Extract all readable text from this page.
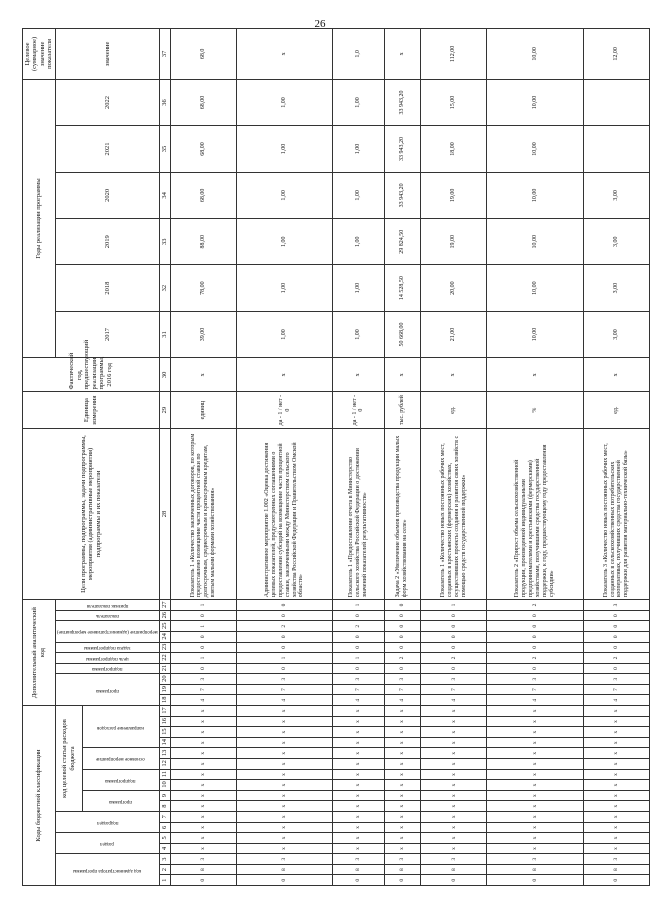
26
Коды бюджетной классификации																	Дополнительный аналитический код										Цели программы, подпрограммы, задачи подпрограммы, мероприятия (административные мероприятия) подпрограммы и их показатели	Единица измерения	Фактический год, предшествующий реализации программы, 2016 год	Годы реализации программы						Целевое (суммарное) значение показателя

код администратора программы			раздел		подраздел		код целевой статьи расходов бюджета										программа			подпрограмма	цель подпрограммы	задача подпрограммы	мероприятие (административное мероприятие)		показатель	признак показателя				2017	2018	2019	2020	2021	2022	значение

							программа		подпрограмма		основное мероприятие		направление расходов																							

1	2	3	4	5	6	7	8	9	10	11	12	13	14	15	16	17	18	19	20	21	22	23	24	25	26	27	28	29	30	31	32	33	34	35	36	37
0	8	3	x	x	x	x	x	x	x	x	x	x	x	x	x	x	4	7	3	0	1	0	0	1	0	1	Показатель 1 «Количество заключенных договоров, по которым предоставлено возмещение части процентной ставки по долгосрочным, среднесрочным и краткосрочным кредитам, взятым малыми формами хозяйствования»	единиц	x	39,00	78,00	88,00	68,00	68,00	68,00	68,0
0	8	3	x	x	x	x	x	x	x	x	x	x	x	x	x	x	4	7	3	0	1	0	0	2	0	0	Административное мероприятие 1.002 «Оценка достижения целевых показателей, предусмотренных соглашениями о предоставлении субсидий на возмещение части процентной ставки, заключенными между Министерством сельского хозяйства Российской Федерации и Правительством Омской области»	да - 1 / нет - 0	x	1,00	1,00	1,00	1,00	1,00	1,00	x
0	8	3	x	x	x	x	x	x	x	x	x	x	x	x	x	x	4	7	3	0	1	0	0	2	0	1	Показатель 1 «Предоставление отчета в Министерство сельского хозяйства Российской Федерации о достижении значений показателей результативности»	да - 1 / нет - 0	x	1,00	1,00	1,00	1,00	1,00	1,00	1,0
0	8	3	x	x	x	x	x	x	x	x	x	x	x	x	x	x	4	7	3	0	2	0	0	0	0	0	Задача 2 «Увеличение объемов производства продукции малых форм хозяйствования на селе»	тыс. рублей	x	50 668,00	14 528,50	29 824,50	33 943,20	33 943,20	33 943,20	x
0	8	3	x	x	x	x	x	x	x	x	x	x	x	x	x	x	4	7	3	0	2	0	0	0	0	1	Показатель 1 «Количество новых постоянных рабочих мест, созданных в крестьянских (фермерских) хозяйствах, осуществивших проекты создания и развития своих хозяйств с помощью средств государственной поддержки»	ед.	x	21,00	20,00	19,00	19,00	18,00	15,00	112,00
0	8	3	x	x	x	x	x	x	x	x	x	x	x	x	x	x	4	7	3	0	2	0	0	0	0	2	Показатель 2 «Прирост объема сельскохозяйственной продукции, произведенной индивидуальными предпринимателями и крестьянскими (фермерскими) хозяйствами, получившими средства государственной поддержки, к году, предшествующему году предоставления субсидии»	%	x	10,00	10,00	10,00	10,00	10,00	10,00	10,00
0	8	3	x	x	x	x	x	x	x	x	x	x	x	x	x	x	4	7	3	0	2	0	0	0	0	3	Показатель 3 «Количество новых постоянных рабочих мест, созданных в сельскохозяйственных потребительских кооперативах, получивших средства государственной поддержки для развития материально-технической базы»	ед.	x	3,00	3,00	3,00	3,00			12,00
